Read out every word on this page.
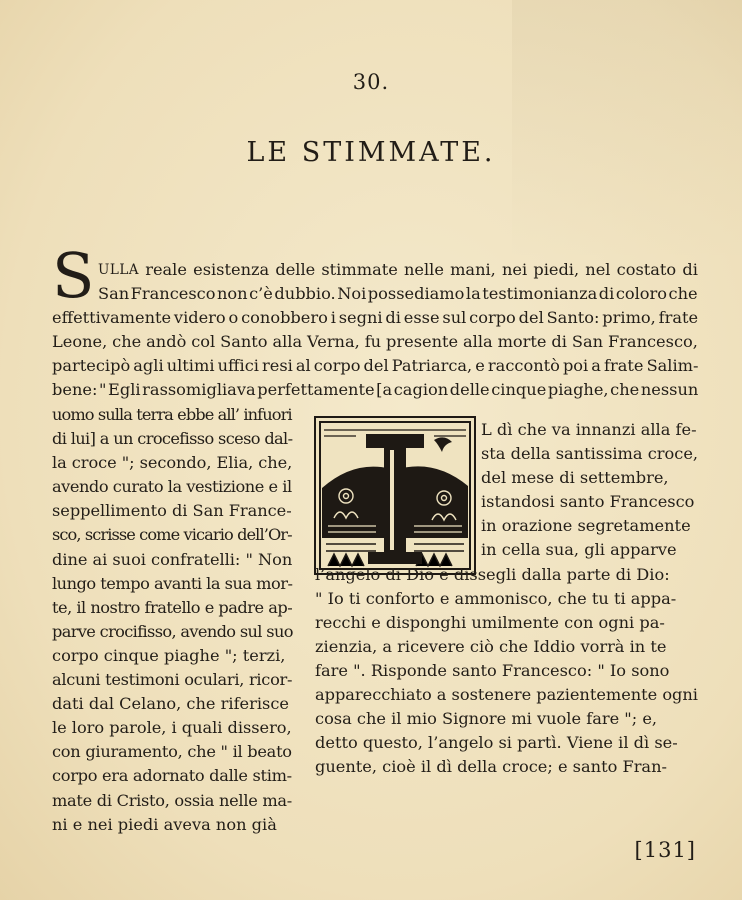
30.
LE STIMMATE.
S ULLA reale esistenza delle stimmate nelle mani, nei piedi, nel costato di
San Francesco non c’è dubbio. Noi possediamo la testimonianza di coloro che
effettivamente videro o conobbero i segni di esse sul corpo del Santo: primo, frate
Leone, che andò col Santo alla Verna, fu presente alla morte di San Francesco,
partecipò agli ultimi uffici resi al corpo del Patriarca, e raccontò poi a frate Salim-
bene: " Egli rassomigliava perfettamente [a cagion delle cinque piaghe, che nessun
uomo sulla terra ebbe all’ infuori
di lui] a un crocefisso sceso dal-
la croce "; secondo, Elia, che,
avendo curato la vestizione e il
seppellimento di San France-
sco, scrisse come vicario dell’Or-
dine ai suoi confratelli: " Non
lungo tempo avanti la sua mor-
te, il nostro fratello e padre ap-
parve crocifisso, avendo sul suo
corpo cinque piaghe "; terzi,
alcuni testimoni oculari, ricor-
dati dal Celano, che riferisce
le loro parole, i quali dissero,
con giuramento, che " il beato
corpo era adornato dalle stim-
mate di Cristo, ossia nelle ma-
ni e nei piedi aveva non già
L dì che va innanzi alla fe-
sta della santissima croce,
del mese di settembre,
istandosi santo Francesco
in orazione segretamente
in cella sua, gli apparve
l’angelo di Dio e dissegli dalla parte di Dio:
" Io ti conforto e ammonisco, che tu ti appa-
recchi e disponghi umilmente con ogni pa-
zienzia, a ricevere ciò che Iddio vorrà in te
fare ". Risponde santo Francesco: " Io sono
apparecchiato a sostenere pazientemente ogni
cosa che il mio Signore mi vuole fare "; e,
detto questo, l’angelo si partì. Viene il dì se-
guente, cioè il dì della croce; e santo Fran-
[131]
